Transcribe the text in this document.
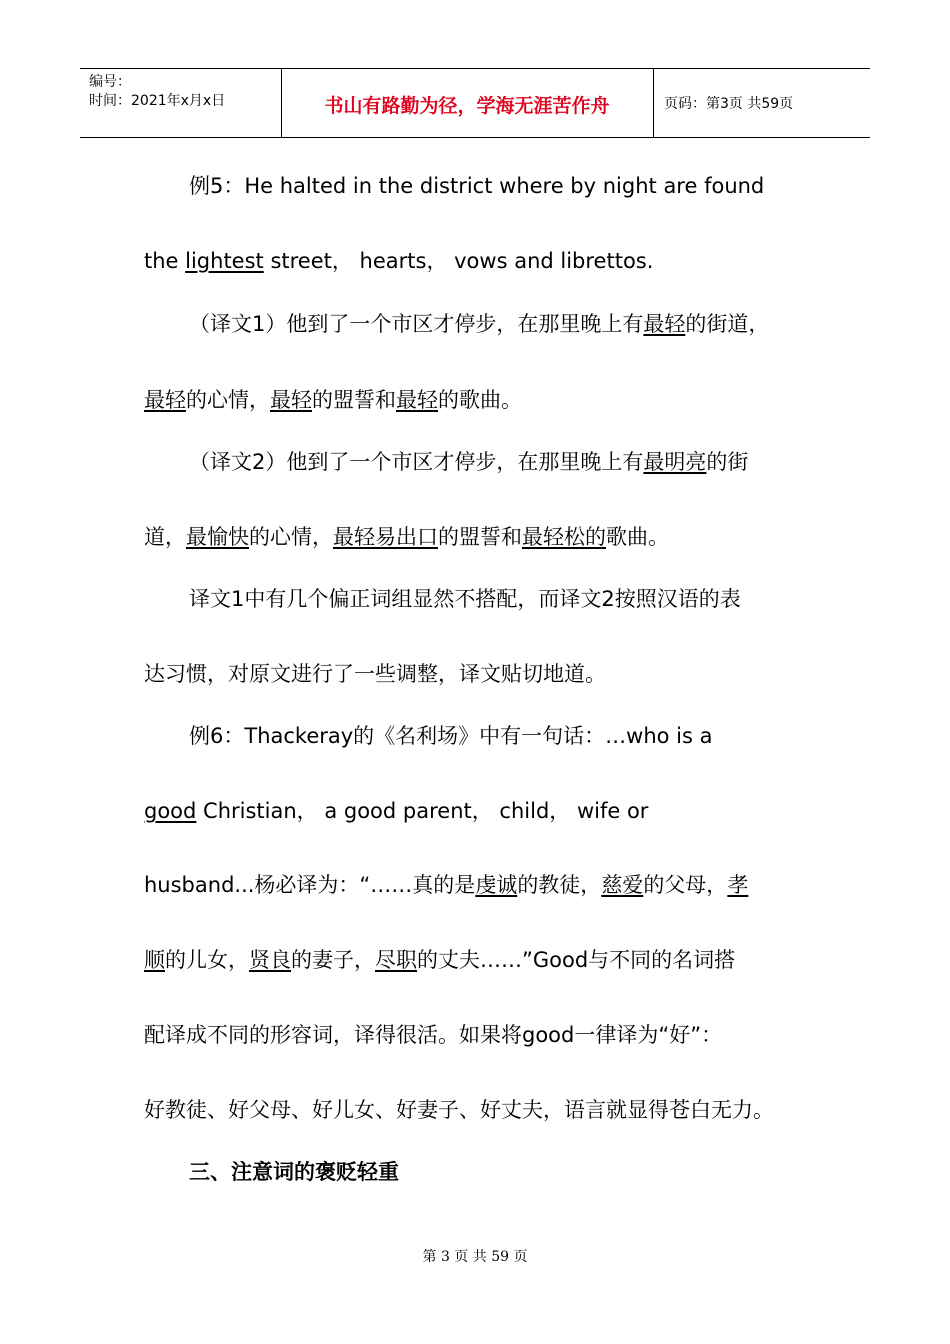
编号：
时间：2021年x月x日	书山有路勤为径，学海无涯苦作舟	页码：第3页 共59页
例5：He halted in the district where by night are found
the lightest street， hearts， vows and librettos.
（译文1）他到了一个市区才停步，在那里晚上有最轻的街道，
最轻的心情，最轻的盟誓和最轻的歌曲。
（译文2）他到了一个市区才停步，在那里晚上有最明亮的街
道，最愉快的心情，最轻易出口的盟誓和最轻松的歌曲。
译文1中有几个偏正词组显然不搭配，而译文2按照汉语的表
达习惯，对原文进行了一些调整，译文贴切地道。
例6：Thackeray的《名利场》中有一句话：…who is a
good Christian， a good parent， child， wife or
husband...杨必译为：“……真的是虔诚的教徒，慈爱的父母，孝
顺的儿女，贤良的妻子，尽职的丈夫……”Good与不同的名词搭
配译成不同的形容词，译得很活。如果将good一律译为“好”：
好教徒、好父母、好儿女、好妻子、好丈夫，语言就显得苍白无力。
三、注意词的褒贬轻重
第 3 页 共 59 页
